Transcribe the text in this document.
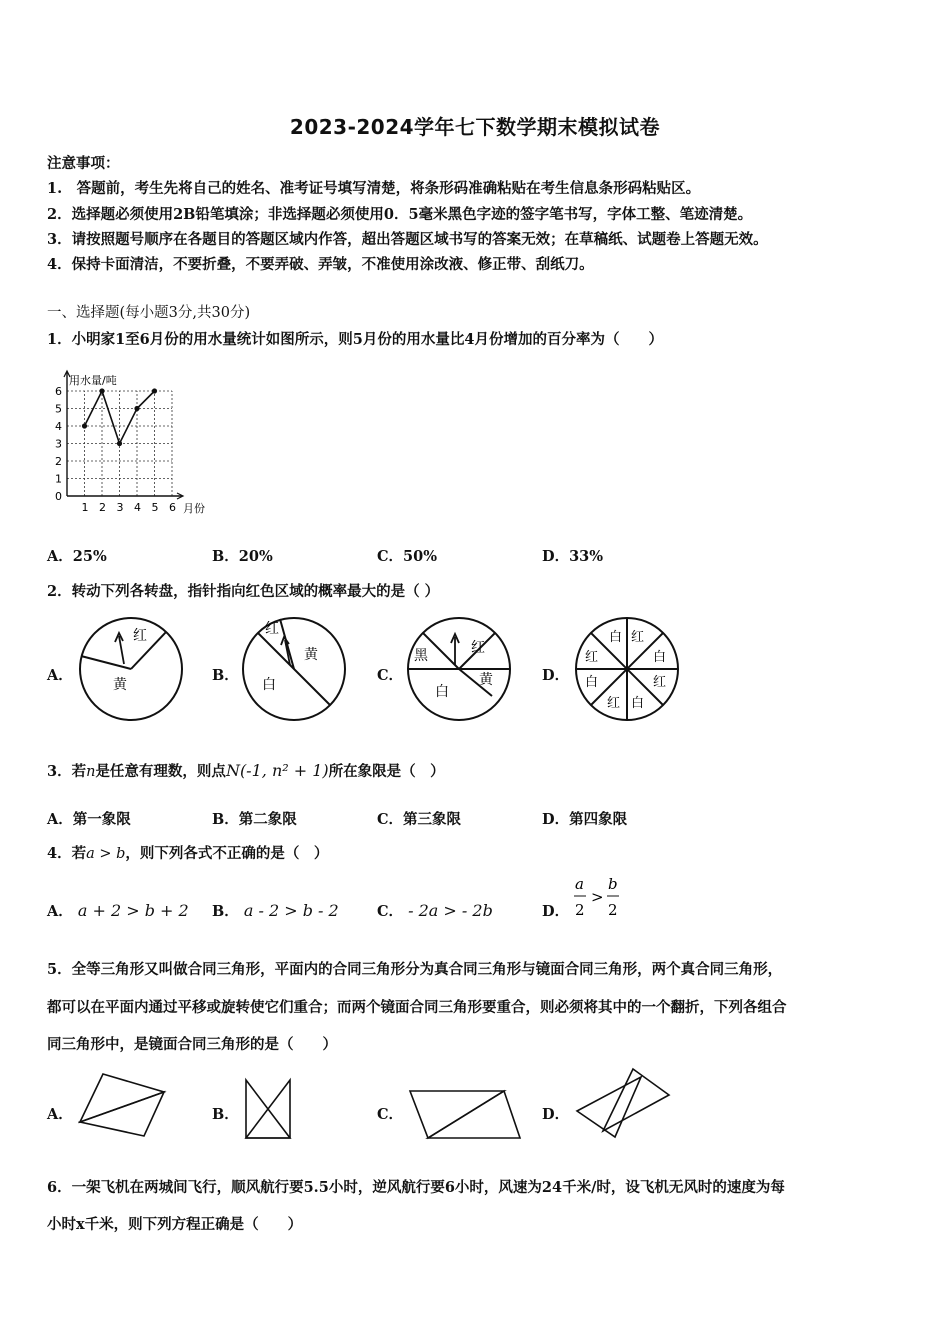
2023-2024学年七下数学期末模拟试卷
注意事项：
1.　答题前，考生先将自己的姓名、准考证号填写清楚，将条形码准确粘贴在考生信息条形码粘贴区。
2．选择题必须使用2B铅笔填涂；非选择题必须使用0．5毫米黑色字迹的签字笔书写，字体工整、笔迹清楚。
3．请按照题号顺序在各题目的答题区域内作答，超出答题区域书写的答案无效；在草稿纸、试题卷上答题无效。
4．保持卡面清洁，不要折叠，不要弄破、弄皱，不准使用涂改液、修正带、刮纸刀。
一、选择题(每小题3分,共30分)
1．小明家1至6月份的用水量统计如图所示，则5月份的用水量比4月份增加的百分率为（　　）
0
1
2
3
4
5
6
1 2 3 4 5 6
用水量/吨
月份
A．25%	B．20%	C．50%	D．33%
2．转动下列各转盘，指针指向红色区域的概率最大的是（ ）
A．
红
黄
B．
红
黄
白
C．
黑	红
黄
白
D．
白 红
红	白
白	红
红 白
3．若n是任意有理数，则点N(-1, n² + 1)所在象限是（　）
A．第一象限	B．第二象限	C．第三象限	D．第四象限
4．若a > b，则下列各式不正确的是（　）
A． a + 2 > b + 2 B． a - 2 > b - 2	C． - 2a > - 2b	D．
a
2
>
b
2
5．全等三角形又叫做合同三角形，平面内的合同三角形分为真合同三角形与镜面合同三角形，两个真合同三角形，
都可以在平面内通过平移或旋转使它们重合；而两个镜面合同三角形要重合，则必须将其中的一个翻折，下列各组合
同三角形中，是镜面合同三角形的是（　　）
A．	B．	C．	D．
6．一架飞机在两城间飞行，顺风航行要5.5小时，逆风航行要6小时，风速为24千米/时，设飞机无风时的速度为每
小时x千米，则下列方程正确是（　　）
